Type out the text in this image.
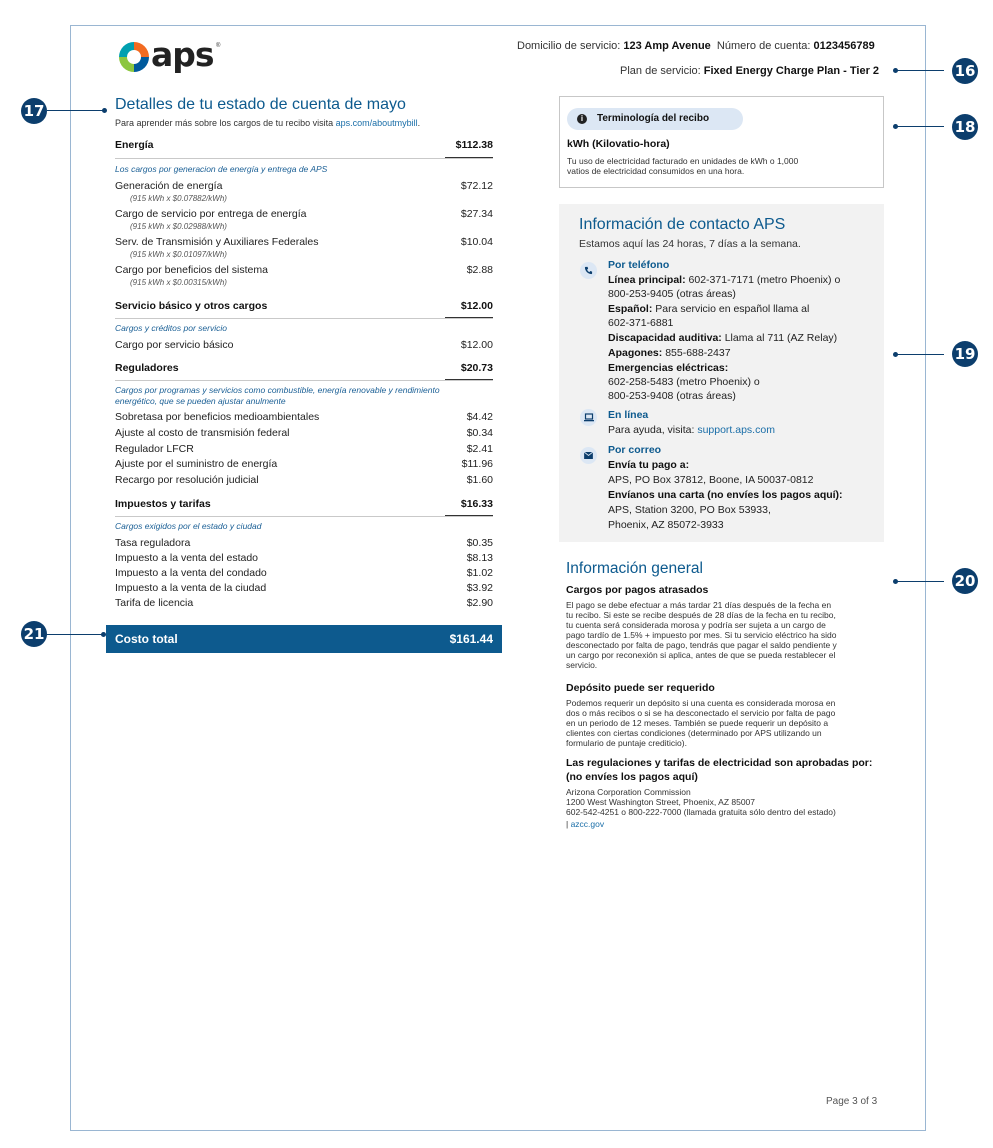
aps ®	Domicilio de servicio: 123 Amp Avenue Número de cuenta: 0123456789
Plan de servicio: Fixed Energy Charge Plan - Tier 2	16
17
18
19
20
21
Detalles de tu estado de cuenta de mayo
Para aprender más sobre los cargos de tu recibo visita aps.com/aboutmybill.
Energía	$112.38
Los cargos por generacion de energía y entrega de APS
Generación de energía	$72.12
(915 kWh x $0.07882/kWh)
Cargo de servicio por entrega de energía	$27.34
(915 kWh x $0.02988/kWh)
Serv. de Transmisión y Auxiliares Federales	$10.04
(915 kWh x $0.01097/kWh)
Cargo por beneficios del sistema	$2.88
(915 kWh x $0.00315/kWh)
Servicio básico y otros cargos	$12.00
Cargos y créditos por servicio
Cargo por servicio básico	$12.00
Reguladores	$20.73
Cargos por programas y servicios como combustible, energía renovable y rendimiento
energético, que se pueden ajustar anulmente
Sobretasa por beneficios medioambientales	$4.42
Ajuste al costo de transmisión federal	$0.34
Regulador LFCR	$2.41
Ajuste por el suministro de energía	$11.96
Recargo por resolución judicial	$1.60
Impuestos y tarifas	$16.33
Cargos exigidos por el estado y ciudad
Tasa reguladora	$0.35
Impuesto a la venta del estado	$8.13
Impuesto a la venta del condado	$1.02
Impuesto a la venta de la ciudad	$3.92
Tarifa de licencia	$2.90
Costo total	$161.44
i	Terminología del recibo
kWh (Kilovatio-hora)
Tu uso de electricidad facturado en unidades de kWh o 1,000
vatios de electricidad consumidos en una hora.
Información de contacto APS
Estamos aquí las 24 horas, 7 días a la semana.
Por teléfono
Línea principal: 602-371-7171 (metro Phoenix) o
800-253-9405 (otras áreas)
Español: Para servicio en español llama al
602-371-6881
Discapacidad auditiva: Llama al 711 (AZ Relay)
Apagones: 855-688-2437
Emergencias eléctricas:
602-258-5483 (metro Phoenix) o
800-253-9408 (otras áreas)
En línea
Para ayuda, visita: support.aps.com
Por correo
Envía tu pago a:
APS, PO Box 37812, Boone, IA 50037-0812
Envíanos una carta (no envíes los pagos aquí):
APS, Station 3200, PO Box 53933,
Phoenix, AZ 85072-3933
Información general
Cargos por pagos atrasados
El pago se debe efectuar a más tardar 21 días después de la fecha en
tu recibo. Si este se recibe después de 28 días de la fecha en tu recibo,
tu cuenta será considerada morosa y podría ser sujeta a un cargo de
pago tardío de 1.5% + impuesto por mes. Si tu servicio eléctrico ha sido
desconectado por falta de pago, tendrás que pagar el saldo pendiente y
un cargo por reconexión si aplica, antes de que se pueda restablecer el
servicio.
Depósito puede ser requerido
Podemos requerir un depósito si una cuenta es considerada morosa en
dos o más recibos o si se ha desconectado el servicio por falta de pago
en un periodo de 12 meses. También se puede requerir un depósito a
clientes con ciertas condiciones (determinado por APS utilizando un
formulario de puntaje crediticio).
Las regulaciones y tarifas de electricidad son aprobadas por:
(no envíes los pagos aquí)
Arizona Corporation Commission
1200 West Washington Street, Phoenix, AZ 85007
602-542-4251 o 800-222-7000 (llamada gratuita sólo dentro del estado)
| azcc.gov
Page 3 of 3
